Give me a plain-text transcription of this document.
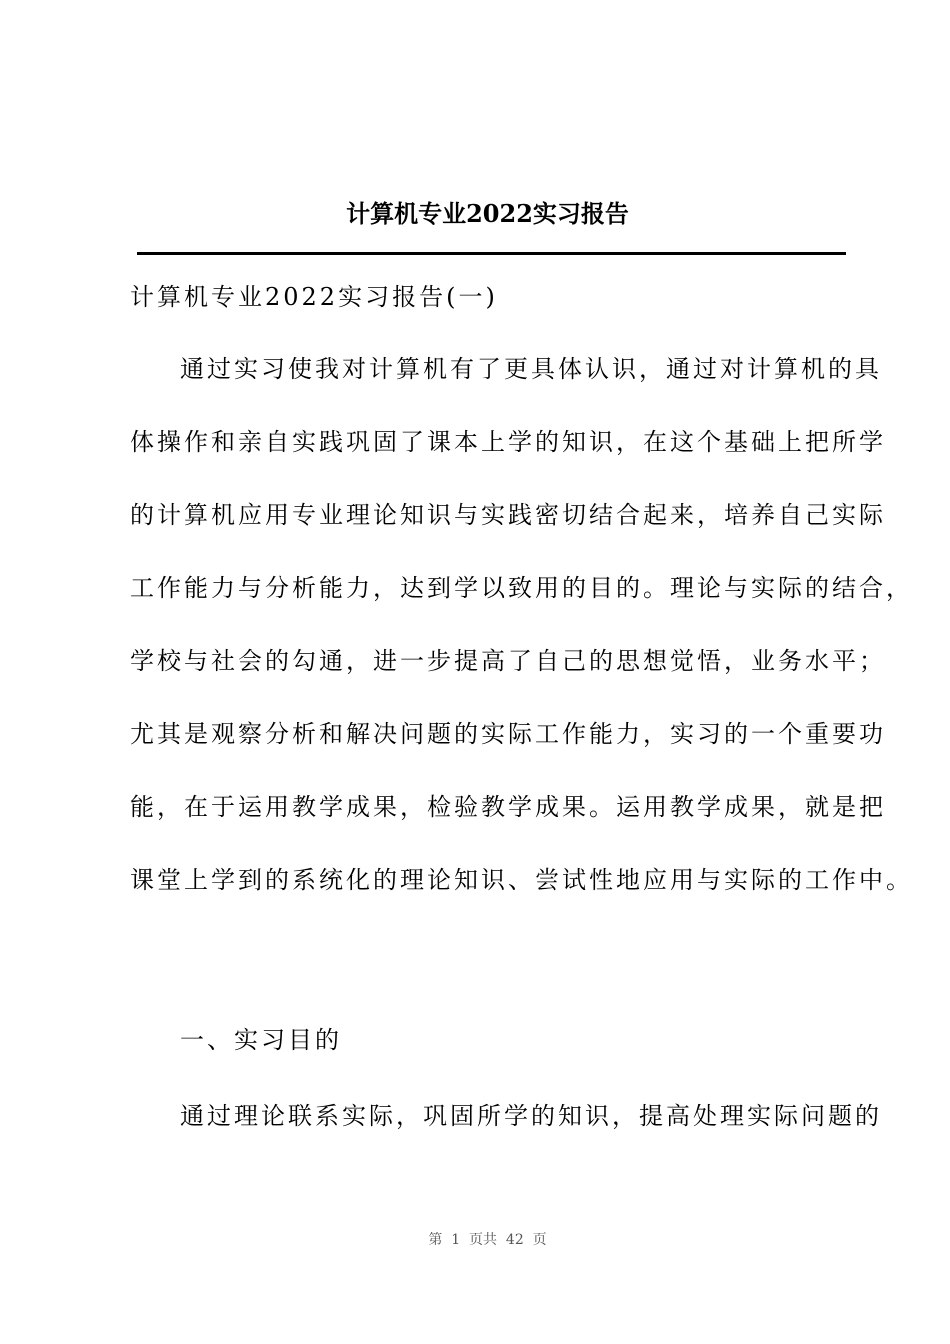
计算机专业2022实习报告
计算机专业2022实习报告(一)
通过实习使我对计算机有了更具体认识，通过对计算机的具
体操作和亲自实践巩固了课本上学的知识，在这个基础上把所学
的计算机应用专业理论知识与实践密切结合起来，培养自己实际
工作能力与分析能力，达到学以致用的目的。理论与实际的结合，
学校与社会的勾通，进一步提高了自己的思想觉悟，业务水平；
尤其是观察分析和解决问题的实际工作能力，实习的一个重要功
能，在于运用教学成果，检验教学成果。运用教学成果，就是把
课堂上学到的系统化的理论知识、尝试性地应用与实际的工作中。
一、实习目的
通过理论联系实际，巩固所学的知识，提高处理实际问题的
第  1  页共  42  页
